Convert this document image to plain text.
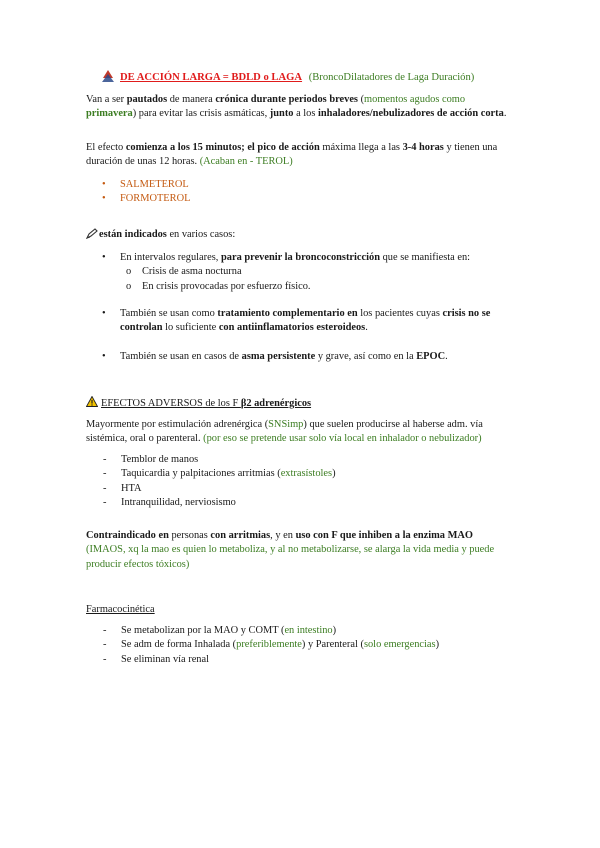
DE ACCIÓN LARGA = BDLD o LAGA (BroncoDilatadores de Laga Duración)
Van a ser pautados de manera crónica durante periodos breves (momentos agudos como primavera) para evitar las crisis asmáticas, junto a los inhaladores/nebulizadores de acción corta.
El efecto comienza a los 15 minutos; el pico de acción máxima llega a las 3-4 horas y tienen una duración de unas 12 horas. (Acaban en - TEROL)
• SALMETEROL
• FORMOTEROL
están indicados en varios casos:
• En intervalos regulares, para prevenir la broncoconstricción que se manifiesta en:
o Crisis de asma nocturna
o En crisis provocadas por esfuerzo físico.
• También se usan como tratamiento complementario en los pacientes cuyas crisis no se controlan lo suficiente con antiinflamatorios esteroideos.
• También se usan en casos de asma persistente y grave, así como en la EPOC.
EFECTOS ADVERSOS de los F β2 adrenérgicos
Mayormente por estimulación adrenérgica (SNSimp) que suelen producirse al haberse adm. vía sistémica, oral o parenteral. (por eso se pretende usar solo vía local en inhalador o nebulizador)
- Temblor de manos
- Taquicardia y palpitaciones arritmias (extrasístoles)
- HTA
- Intranquilidad, nerviosismo
Contraindicado en personas con arritmias, y en uso con F que inhiben a la enzima MAO (IMAOS, xq la mao es quien lo metaboliza, y al no metabolizarse, se alarga la vida media y puede producir efectos tóxicos)
Farmacocinética
- Se metabolizan por la MAO y COMT (en intestino)
- Se adm de forma Inhalada (preferiblemente) y Parenteral (solo emergencias)
- Se eliminan vía renal
